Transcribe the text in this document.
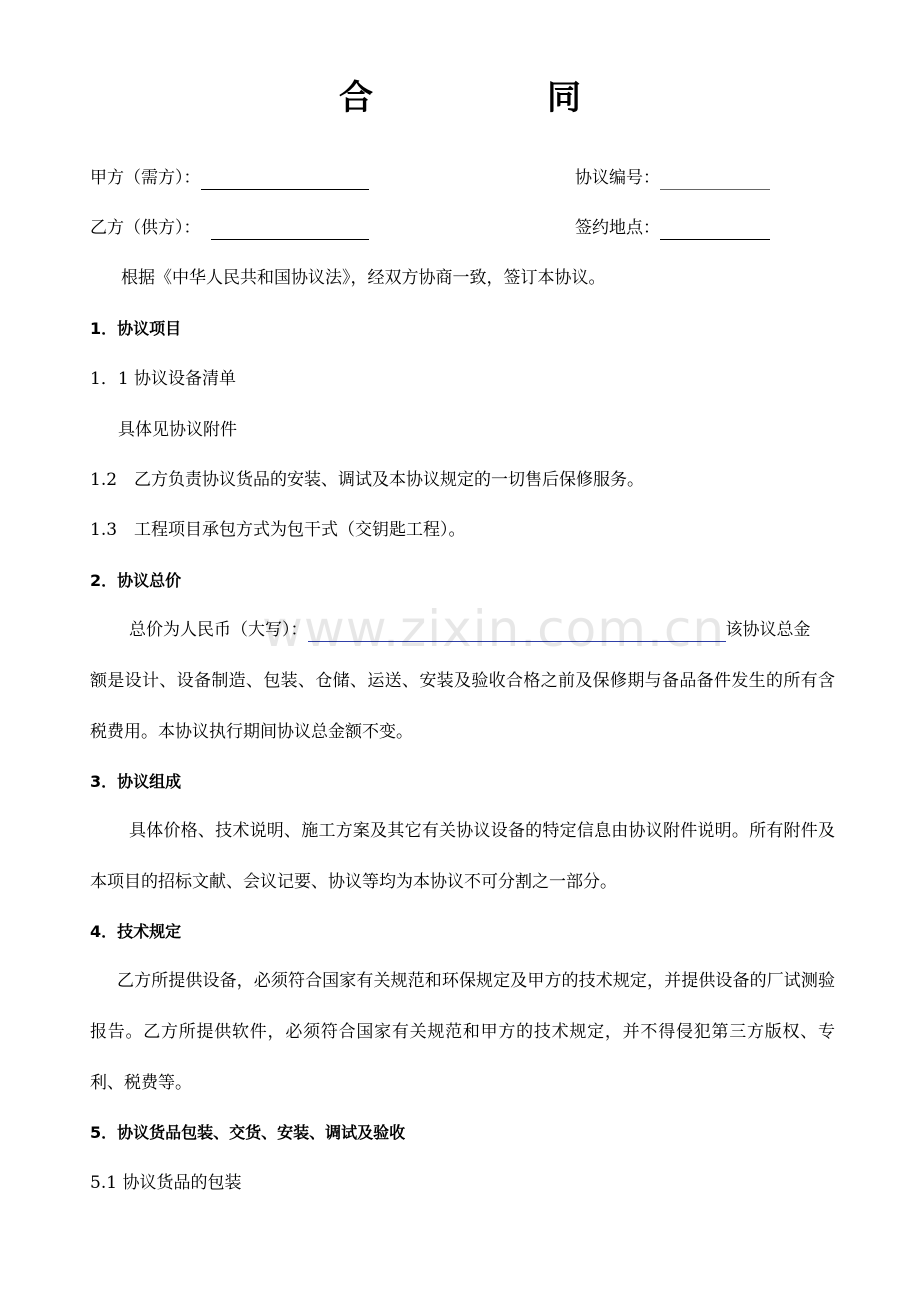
合　同
甲方（需方）：	协议编号：
乙方（供方）：	签约地点：
根据《中华人民共和国协议法》，经双方协商一致，签订本协议。
1．协议项目
1．1 协议设备清单
具体见协议附件
1.2　乙方负责协议货品的安装、调试及本协议规定的一切售后保修服务。
1.3　工程项目承包方式为包干式（交钥匙工程）。
2．协议总价
总价为人民币（大写）：	该协议总金
额是设计、设备制造、包装、仓储、运送、安装及验收合格之前及保修期与备品备件发生的所有含税费用。本协议执行期间协议总金额不变。
3．协议组成
具体价格、技术说明、施工方案及其它有关协议设备的特定信息由协议附件说明。所有附件及本项目的招标文献、会议记要、协议等均为本协议不可分割之一部分。
4．技术规定
乙方所提供设备，必须符合国家有关规范和环保规定及甲方的技术规定，并提供设备的厂试测验报告。乙方所提供软件，必须符合国家有关规范和甲方的技术规定，并不得侵犯第三方版权、专利、税费等。
5．协议货品包装、交货、安装、调试及验收
5.1 协议货品的包装
www.zixin.com.cn
